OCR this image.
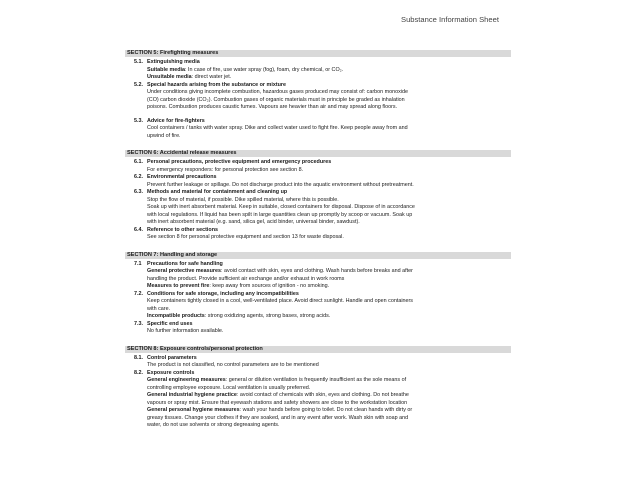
Substance Information Sheet
SECTION 5: Firefighting measures
5.1. Extinguishing media
Suitable media: In case of fire, use water spray (fog), foam, dry chemical, or CO₂.
Unsuitable media: direct water jet.
5.2. Special hazards arising from the substance or mixture
Under conditions giving incomplete combustion, hazardous gases produced may consist of: carbon monoxide
(CO) carbon dioxide (CO₂). Combustion gases of organic materials must in principle be graded as inhalation
poisons. Combustion produces caustic fumes. Vapours are heavier than air and may spread along floors.
5.3. Advice for fire-fighters
Cool containers / tanks with water spray. Dike and collect water used to fight fire. Keep people away from and
upwind of fire.
SECTION 6: Accidental release measures
6.1. Personal precautions, protective equipment and emergency procedures
For emergency responders: for personal protection see section 8.
6.2. Environmental precautions
Prevent further leakage or spillage. Do not discharge product into the aquatic environment without pretreatment.
6.3. Methods and material for containment and cleaning up
Stop the flow of material, if possible. Dike spilled material, where this is possible.
Soak up with inert absorbent material. Keep in suitable, closed containers for disposal. Dispose of in accordance
with local regulations. If liquid has been spilt in large quantities clean up promptly by scoop or vacuum. Soak up
with inert absorbent material (e.g. sand, silica gel, acid binder, universal binder, sawdust).
6.4. Reference to other sections
See section 8 for personal protective equipment and section 13 for waste disposal.
SECTION 7: Handling and storage
7.1 Precautions for safe handling
General protective measures: avoid contact with skin, eyes and clothing. Wash hands before breaks and after
handling the product. Provide sufficient air exchange and/or exhaust in work rooms
Measures to prevent fire: keep away from sources of ignition - no smoking.
7.2. Conditions for safe storage, including any incompatibilities
Keep containers tightly closed in a cool, well-ventilated place. Avoid direct sunlight. Handle and open containers
with care.
Incompatible products: strong oxidizing agents, strong bases, strong acids.
7.3. Specific end uses
No further information available.
SECTION 8: Exposure controls/personal protection
8.1. Control parameters
The product is not classified, no control parameters are to be mentioned
8.2. Exposure controls
General engineering measures: general or dilution ventilation is frequently insufficient as the sole means of
controlling employee exposure. Local ventilation is usually preferred.
General industrial hygiene practice: avoid contact of chemicals with skin, eyes and clothing. Do not breathe
vapours or spray mist. Ensure that eyewash stations and safety showers are close to the workstation location
General personal hygiene measures: wash your hands before going to toilet. Do not clean hands with dirty or
greasy tissues. Change your clothes if they are soaked, and in any event after work. Wash skin with soap and
water, do not use solvents or strong degreasing agents.
